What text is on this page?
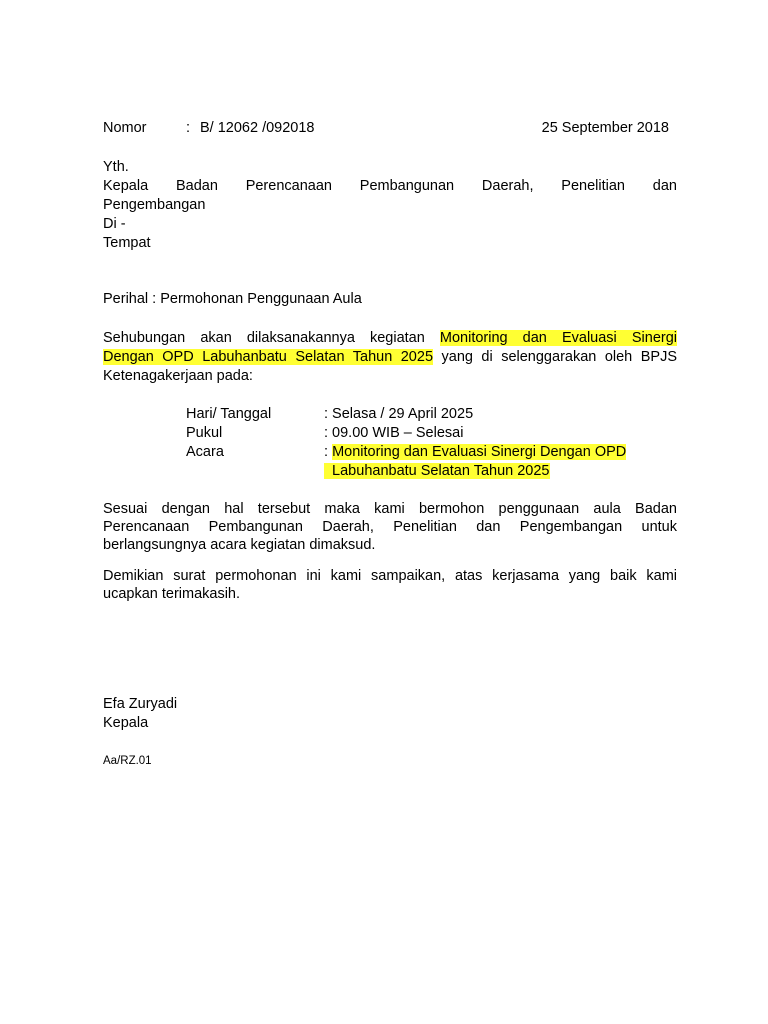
Nomor	: B/ 12062 /092018	25 September 2018
Yth.
Kepala Badan Perencanaan Pembangunan Daerah, Penelitian dan
Pengembangan
Di -
Tempat
Perihal : Permohonan Penggunaan Aula
Sehubungan akan dilaksanakannya kegiatan Monitoring dan Evaluasi Sinergi
Dengan OPD Labuhanbatu Selatan Tahun 2025 yang di selenggarakan oleh BPJS
Ketenagakerjaan pada:
Hari/ Tanggal	: Selasa / 29 April 2025
Pukul	: 09.00 WIB – Selesai
Acara	: Monitoring dan Evaluasi Sinergi Dengan OPD
Labuhanbatu Selatan Tahun 2025
Sesuai dengan hal tersebut maka kami bermohon penggunaan aula Badan
Perencanaan Pembangunan Daerah, Penelitian dan Pengembangan untuk
berlangsungnya acara kegiatan dimaksud.
Demikian surat permohonan ini kami sampaikan, atas kerjasama yang baik kami
ucapkan terimakasih.
Efa Zuryadi
Kepala
Aa/RZ.01
